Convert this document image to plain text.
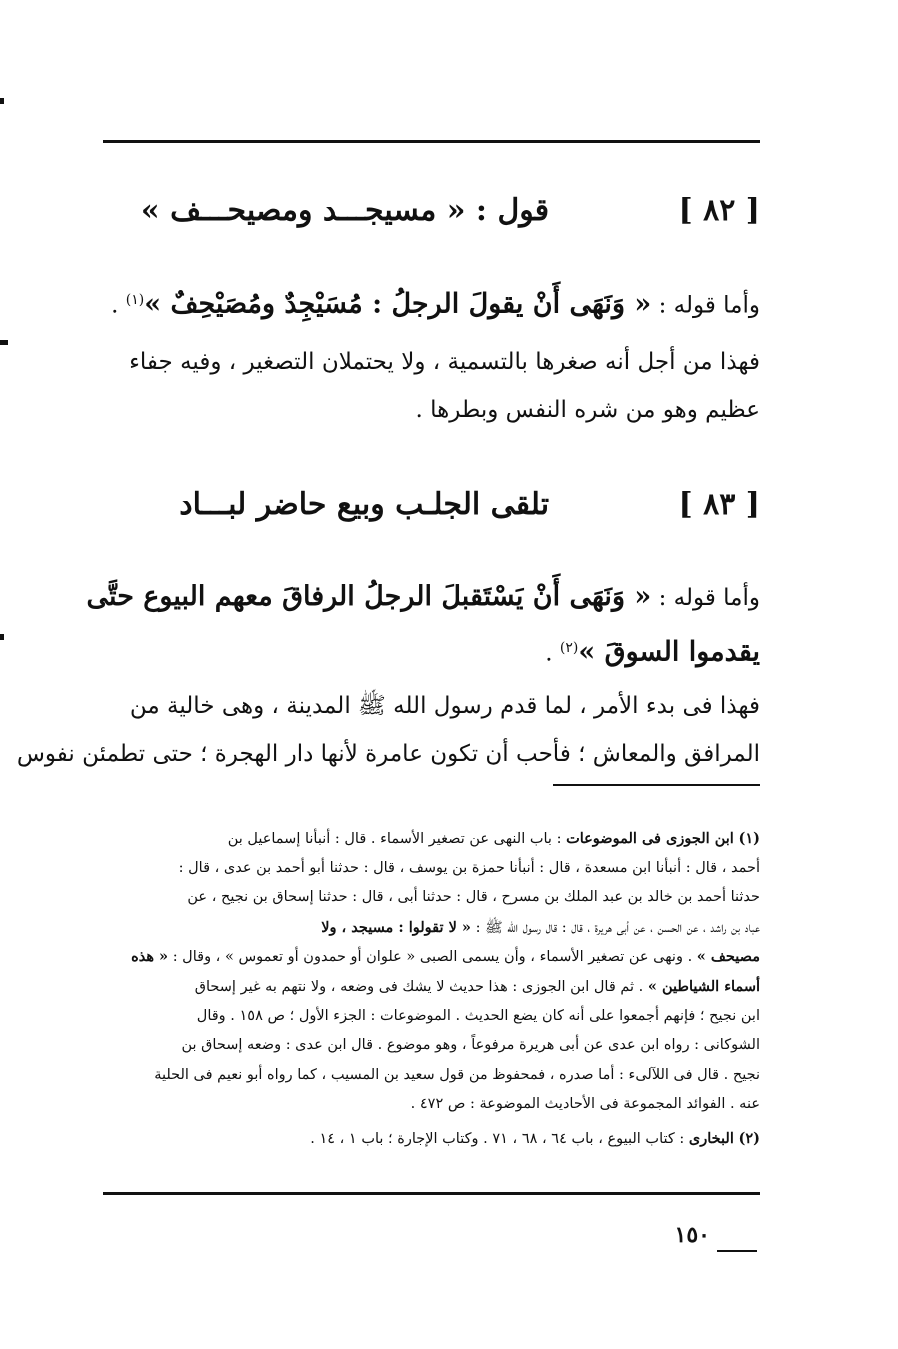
[ ٨٢ ]  قول : « مسيجـــد ومصيحـــف »
وأما قوله : « وَنَهَى أَنْ يقولَ الرجلُ : مُسَيْجِدٌ ومُصَيْحِفٌ »$^{(١)}$ .
فهذا من أجل أنه صغرها بالتسمية ، ولا يحتملان التصغير ، وفيه جفاء
عظيم وهو من شره النفس وبطرها .
[ ٨٣ ]  تلقى الجلـب وبيع حاضر لبـــاد
وأما قوله : « وَنَهَى أَنْ يَسْتَقبلَ الرجلُ الرفاقَ معهم البيوع حتَّى
يقدموا السوقَ »$^{(٢)}$ .
فهذا فى بدء الأمر ، لما قدم رسول الله ﷺ المدينة ، وهى خالية من
المرافق والمعاش ؛ فأحب أن تكون عامرة لأنها دار الهجرة ؛ حتى تطمئن نفوس
(١) ابن الجوزى فى الموضوعات : باب النهى عن تصغير الأسماء . قال : أنبأنا إسماعيل بن
أحمد ، قال : أنبأنا ابن مسعدة ، قال : أنبأنا حمزة بن يوسف ، قال : حدثنا أبو أحمد بن عدى ، قال :
حدثنا أحمد بن خالد بن عبد الملك بن مسرح ، قال : حدثنا أبى ، قال : حدثنا إسحاق بن نجيح ، عن
عباد بن راشد ، عن الحسن ، عن أبى هريرة ، قال : قال رسول الله ﷺ : « لا تقولوا : مسيجد ، ولا
مصيحف » . ونهى عن تصغير الأسماء ، وأن يسمى الصبى « علوان أو حمدون أو تعموس » ، وقال : « هذه
أسماء الشياطين » . ثم قال ابن الجوزى : هذا حديث لا يشك فى وضعه ، ولا نتهم به غير إسحاق
ابن نجيح ؛ فإنهم أجمعوا على أنه كان يضع الحديث . الموضوعات : الجزء الأول ؛ ص ١٥٨ . وقال
الشوكانى : رواه ابن عدى عن أبى هريرة مرفوعاً ، وهو موضوع . قال ابن عدى : وضعه إسحاق بن
نجيح . قال فى اللآلىء : أما صدره ، فمحفوظ من قول سعيد بن المسيب ، كما رواه أبو نعيم فى الحلية
عنه . الفوائد المجموعة فى الأحاديث الموضوعة : ص ٤٧٢ .
(٢) البخارى : كتاب البيوع ، باب ٦٤ ، ٦٨ ، ٧١ . وكتاب الإجارة ؛ باب ١ ، ١٤ .
١٥٠
